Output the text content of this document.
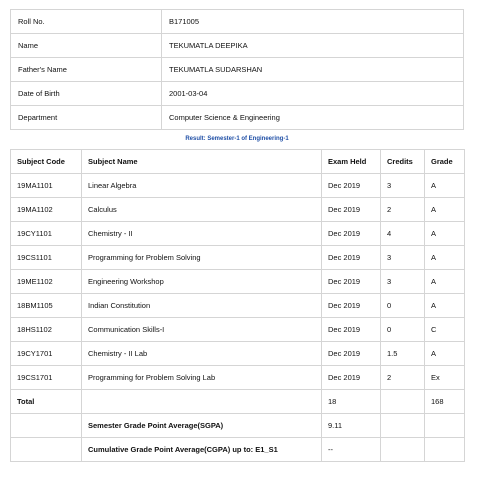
Roll No.	B171005
Name	TEKUMATLA DEEPIKA
Father's Name	TEKUMATLA SUDARSHAN
Date of Birth	2001-03-04
Department	Computer Science & Engineering
Result: Semester-1 of Engineering-1
Subject Code	Subject Name	Exam Held	Credits	Grade
19MA1101	Linear Algebra	Dec 2019	3	A
19MA1102	Calculus	Dec 2019	2	A
19CY1101	Chemistry - II	Dec 2019	4	A
19CS1101	Programming for Problem Solving	Dec 2019	3	A
19ME1102	Engineering Workshop	Dec 2019	3	A
18BM1105	Indian Constitution	Dec 2019	0	A
18HS1102	Communication Skills-I	Dec 2019	0	C
19CY1701	Chemistry - II Lab	Dec 2019	1.5	A
19CS1701	Programming for Problem Solving Lab	Dec 2019	2	Ex
Total		18		168
	Semester Grade Point Average(SGPA)	9.11		
	Cumulative Grade Point Average(CGPA) up to: E1_S1	--		
